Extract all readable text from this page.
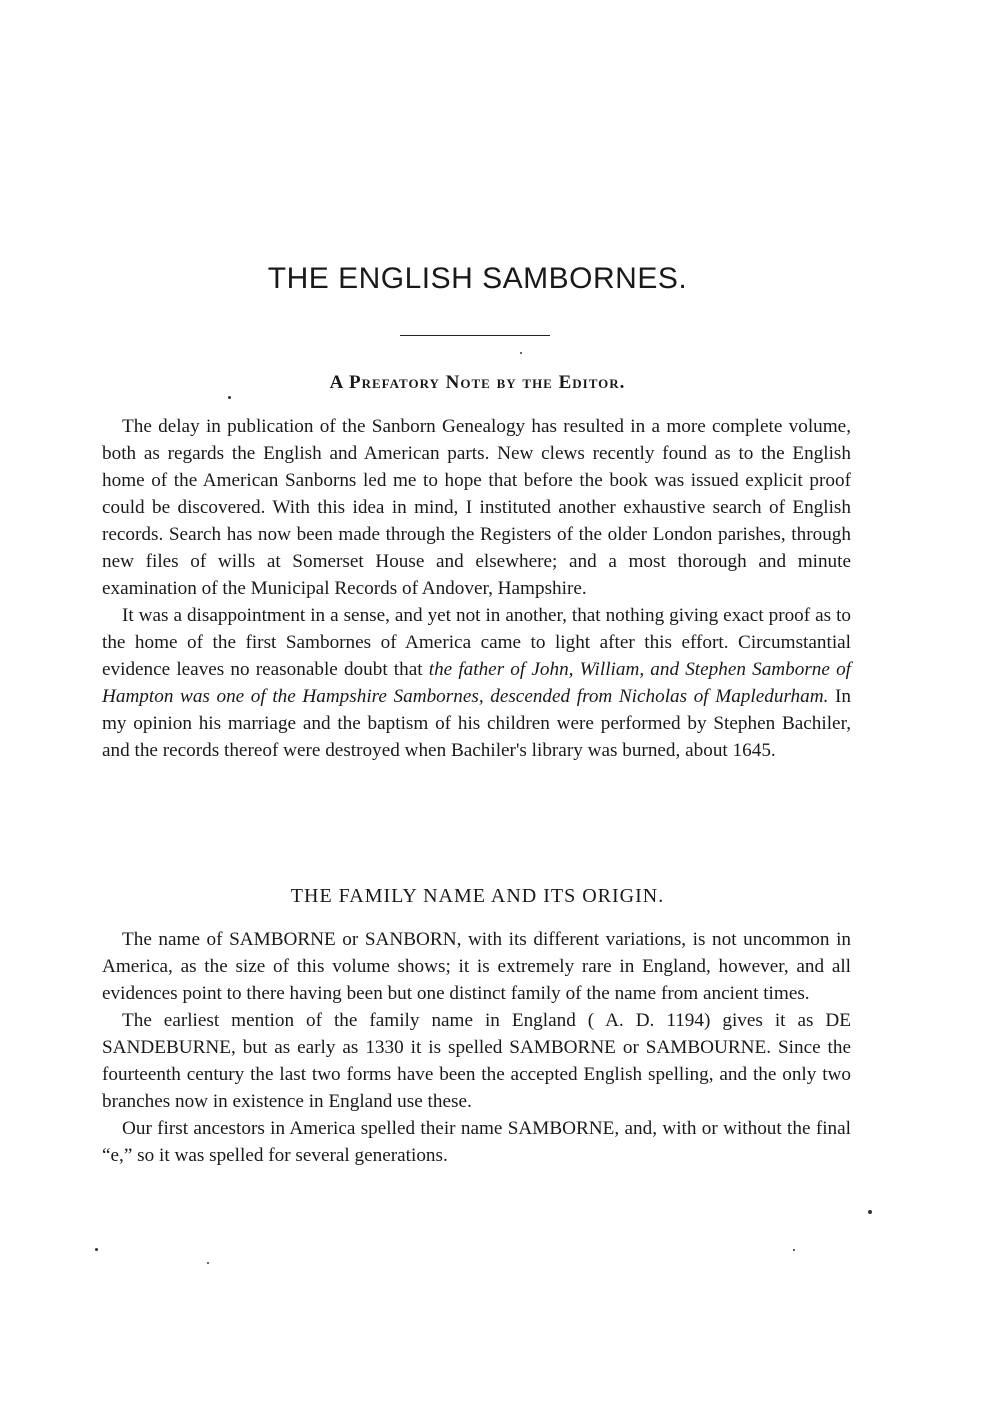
THE ENGLISH SAMBORNES.
A Prefatory Note by the Editor.

The delay in publication of the Sanborn Genealogy has resulted in a more complete volume, both as regards the English and American parts. New clews recently found as to the English home of the American Sanborns led me to hope that before the book was issued explicit proof could be discovered. With this idea in mind, I instituted another exhaustive search of English records. Search has now been made through the Registers of the older London parishes, through new files of wills at Somerset House and elsewhere; and a most thorough and minute examination of the Municipal Records of Andover, Hampshire.

It was a disappointment in a sense, and yet not in another, that nothing giving exact proof as to the home of the first Sambornes of America came to light after this effort. Circumstantial evidence leaves no reasonable doubt that the father of John, William, and Stephen Samborne of Hampton was one of the Hampshire Sambornes, descended from Nicholas of Mapledurham. In my opinion his marriage and the baptism of his children were performed by Stephen Bachiler, and the records thereof were destroyed when Bachiler's library was burned, about 1645.

THE FAMILY NAME AND ITS ORIGIN.

The name of SAMBORNE or SANBORN, with its different variations, is not uncommon in America, as the size of this volume shows; it is extremely rare in England, however, and all evidences point to there having been but one distinct family of the name from ancient times.

The earliest mention of the family name in England ( A. D. 1194) gives it as DE SANDEBURNE, but as early as 1330 it is spelled SAMBORNE or SAMBOURNE. Since the fourteenth century the last two forms have been the accepted English spelling, and the only two branches now in existence in England use these.

Our first ancestors in America spelled their name SAMBORNE, and, with or without the final “e,” so it was spelled for several generations.
